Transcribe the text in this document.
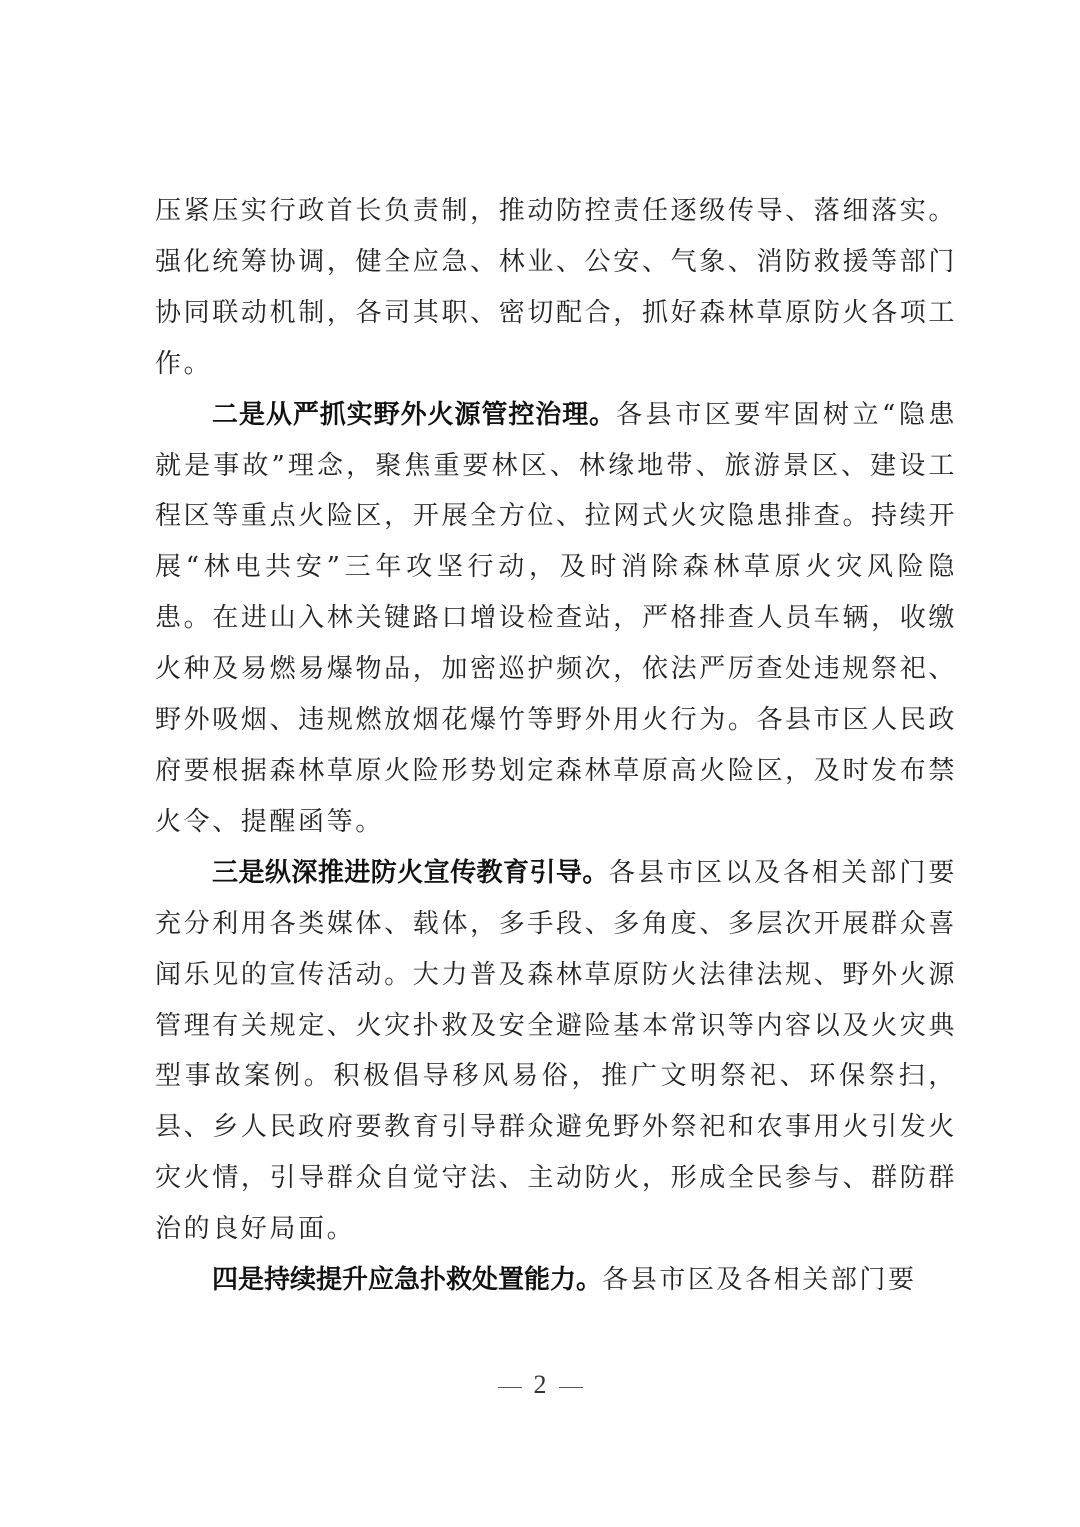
压紧压实行政首长负责制，推动防控责任逐级传导、落细落实。强化统筹协调，健全应急、林业、公安、气象、消防救援等部门协同联动机制，各司其职、密切配合，抓好森林草原防火各项工作。

二是从严抓实野外火源管控治理。各县市区要牢固树立“隐患就是事故”理念，聚焦重要林区、林缘地带、旅游景区、建设工程区等重点火险区，开展全方位、拉网式火灾隐患排查。持续开展“林电共安”三年攻坚行动，及时消除森林草原火灾风险隐患。在进山入林关键路口增设检查站，严格排查人员车辆，收缴火种及易燃易爆物品，加密巡护频次，依法严厉查处违规祭祀、野外吸烟、违规燃放烟花爆竹等野外用火行为。各县市区人民政府要根据森林草原火险形势划定森林草原高火险区，及时发布禁火令、提醒函等。

三是纵深推进防火宣传教育引导。各县市区以及各相关部门要充分利用各类媒体、载体，多手段、多角度、多层次开展群众喜闻乐见的宣传活动。大力普及森林草原防火法律法规、野外火源管理有关规定、火灾扑救及安全避险基本常识等内容以及火灾典型事故案例。积极倡导移风易俗，推广文明祭祀、环保祭扫，县、乡人民政府要教育引导群众避免野外祭祀和农事用火引发火灾火情，引导群众自觉守法、主动防火，形成全民参与、群防群治的良好局面。

四是持续提升应急扑救处置能力。各县市区及各相关部门要

2
